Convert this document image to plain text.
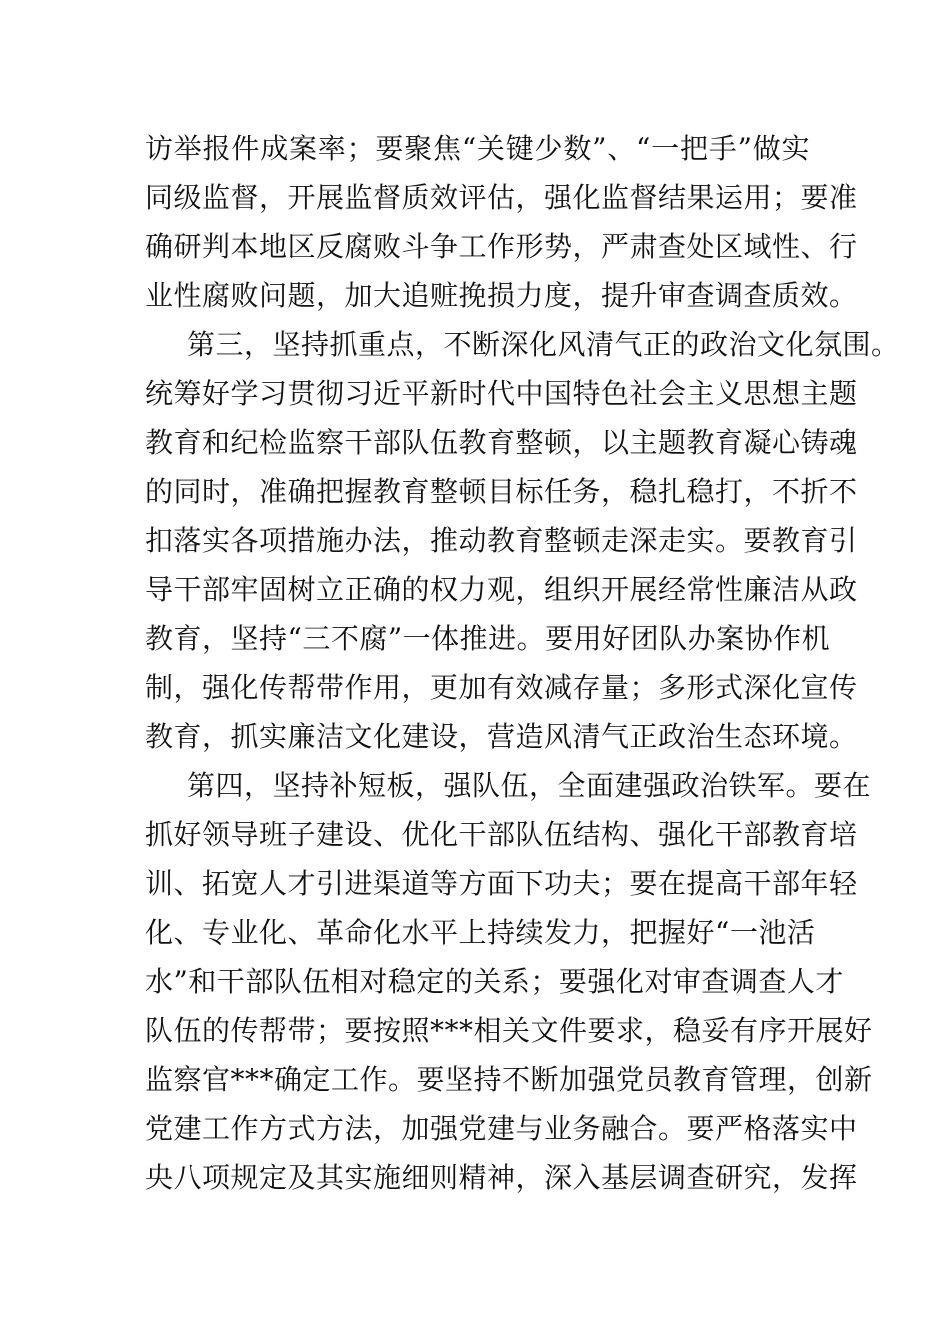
访举报件成案率；要聚焦“关键少数”、“一把手”做实
同级监督，开展监督质效评估，强化监督结果运用；要准
确研判本地区反腐败斗争工作形势，严肃查处区域性、行
业性腐败问题，加大追赃挽损力度，提升审查调查质效。
第三，坚持抓重点，不断深化风清气正的政治文化氛围。
统筹好学习贯彻习近平新时代中国特色社会主义思想主题
教育和纪检监察干部队伍教育整顿，以主题教育凝心铸魂
的同时，准确把握教育整顿目标任务，稳扎稳打，不折不
扣落实各项措施办法，推动教育整顿走深走实。要教育引
导干部牢固树立正确的权力观，组织开展经常性廉洁从政
教育，坚持“三不腐”一体推进。要用好团队办案协作机
制，强化传帮带作用，更加有效减存量；多形式深化宣传
教育，抓实廉洁文化建设，营造风清气正政治生态环境。
第四，坚持补短板，强队伍，全面建强政治铁军。要在
抓好领导班子建设、优化干部队伍结构、强化干部教育培
训、拓宽人才引进渠道等方面下功夫；要在提高干部年轻
化、专业化、革命化水平上持续发力，把握好“一池活
水”和干部队伍相对稳定的关系；要强化对审查调查人才
队伍的传帮带；要按照***相关文件要求，稳妥有序开展好
监察官***确定工作。要坚持不断加强党员教育管理，创新
党建工作方式方法，加强党建与业务融合。要严格落实中
央八项规定及其实施细则精神，深入基层调查研究，发挥
